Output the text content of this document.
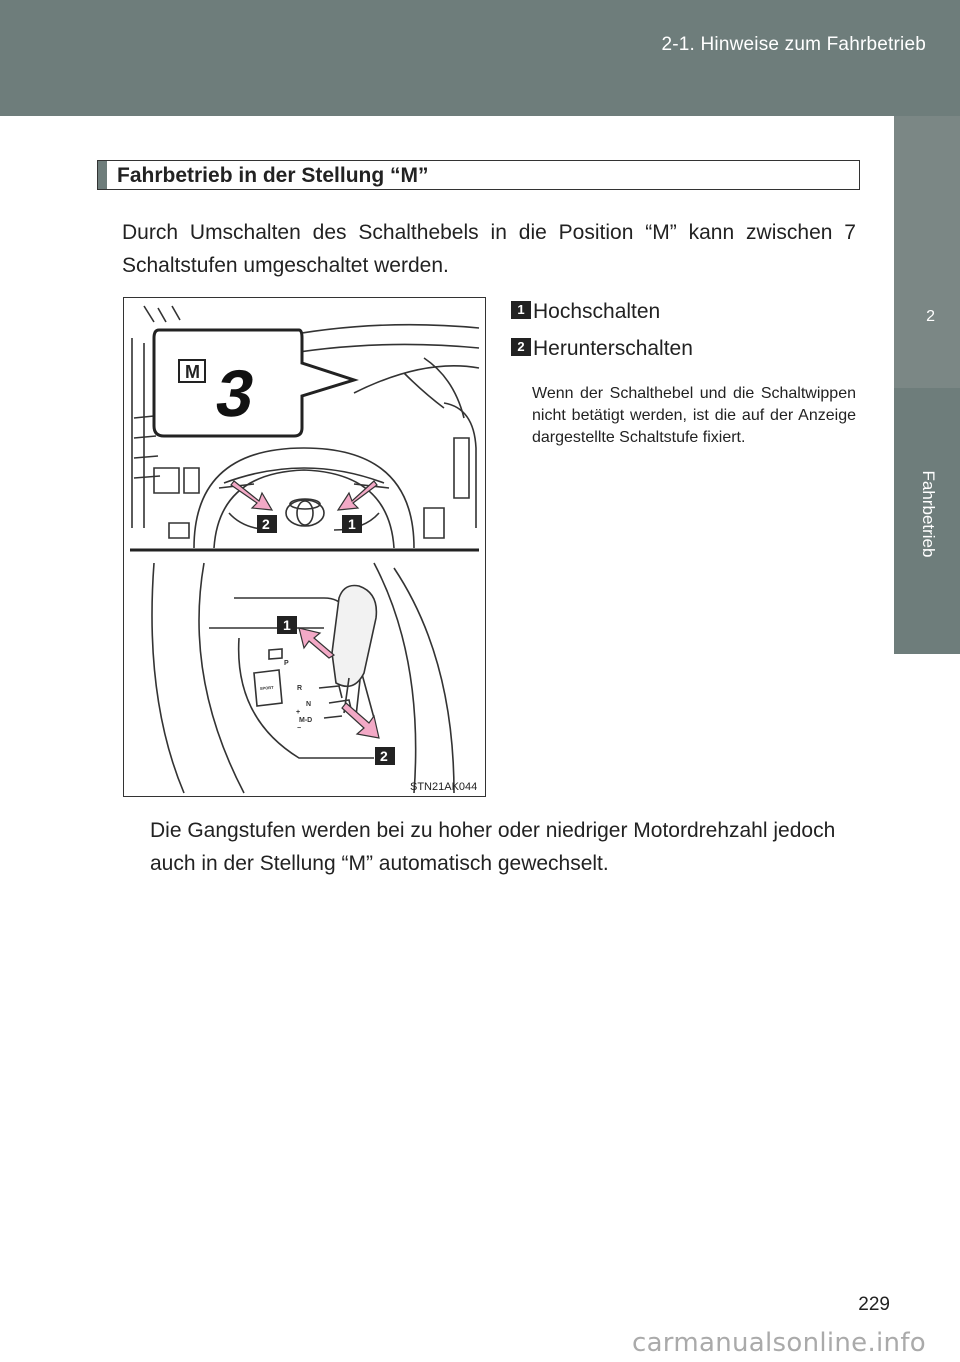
2-1. Hinweise zum Fahrbetrieb
2
Fahrbetrieb
Fahrbetrieb in der Stellung “M”
Durch Umschalten des Schalthebels in die Position “M” kann zwischen 7 Schaltstufen umgeschaltet werden.
M 3
P
R
N
M-D
+
−
SPORT
2	1
1
2
STN21AK044
1 Hochschalten
2 Herunterschalten
Wenn der Schalthebel und die Schaltwippen nicht betätigt werden, ist die auf der Anzeige dargestellte Schaltstufe fixiert.
Die Gangstufen werden bei zu hoher oder niedriger Motordrehzahl jedoch auch in der Stellung “M” automatisch gewechselt.
229
carmanualsonline.info
